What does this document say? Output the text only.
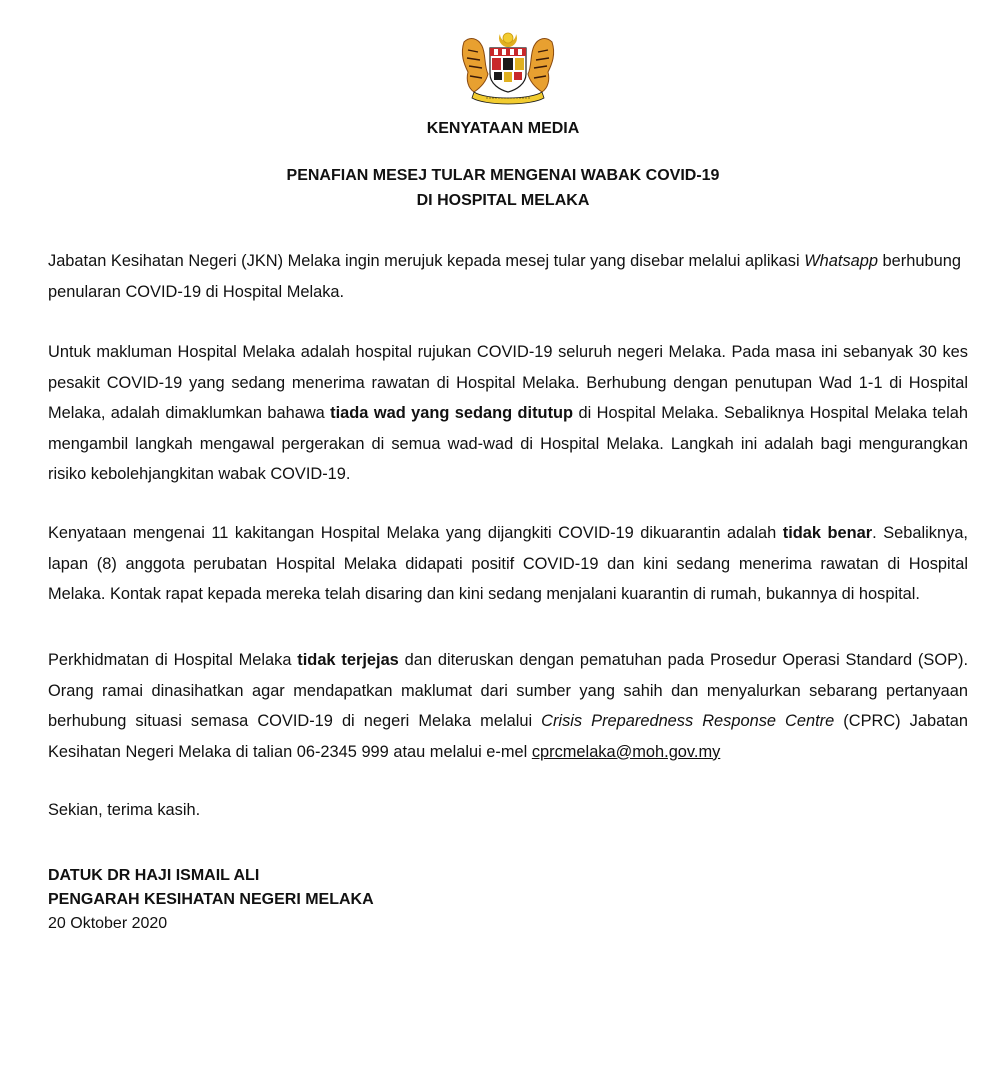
KENYATAAN MEDIA
PENAFIAN MESEJ TULAR MENGENAI WABAK COVID-19
DI HOSPITAL MELAKA

Jabatan Kesihatan Negeri (JKN) Melaka ingin merujuk kepada mesej tular yang disebar melalui aplikasi Whatsapp berhubung penularan COVID-19 di Hospital Melaka.

Untuk makluman Hospital Melaka adalah hospital rujukan COVID-19 seluruh negeri Melaka. Pada masa ini sebanyak 30 kes pesakit COVID-19 yang sedang menerima rawatan di Hospital Melaka. Berhubung dengan penutupan Wad 1-1 di Hospital Melaka, adalah dimaklumkan bahawa tiada wad yang sedang ditutup di Hospital Melaka. Sebaliknya Hospital Melaka telah mengambil langkah mengawal pergerakan di semua wad-wad di Hospital Melaka. Langkah ini adalah bagi mengurangkan risiko kebolehjangkitan wabak COVID-19.

Kenyataan mengenai 11 kakitangan Hospital Melaka yang dijangkiti COVID-19 dikuarantin adalah tidak benar. Sebaliknya, lapan (8) anggota perubatan Hospital Melaka didapati positif COVID-19 dan kini sedang menerima rawatan di Hospital Melaka. Kontak rapat kepada mereka telah disaring dan kini sedang menjalani kuarantin di rumah, bukannya di hospital.

Perkhidmatan di Hospital Melaka tidak terjejas dan diteruskan dengan pematuhan pada Prosedur Operasi Standard (SOP). Orang ramai dinasihatkan agar mendapatkan maklumat dari sumber yang sahih dan menyalurkan sebarang pertanyaan berhubung situasi semasa COVID-19 di negeri Melaka melalui Crisis Preparedness Response Centre (CPRC) Jabatan Kesihatan Negeri Melaka di talian 06-2345 999 atau melalui e-mel cprcmelaka@moh.gov.my

Sekian, terima kasih.

DATUK DR HAJI ISMAIL ALI

PENGARAH KESIHATAN NEGERI MELAKA

20 Oktober 2020
